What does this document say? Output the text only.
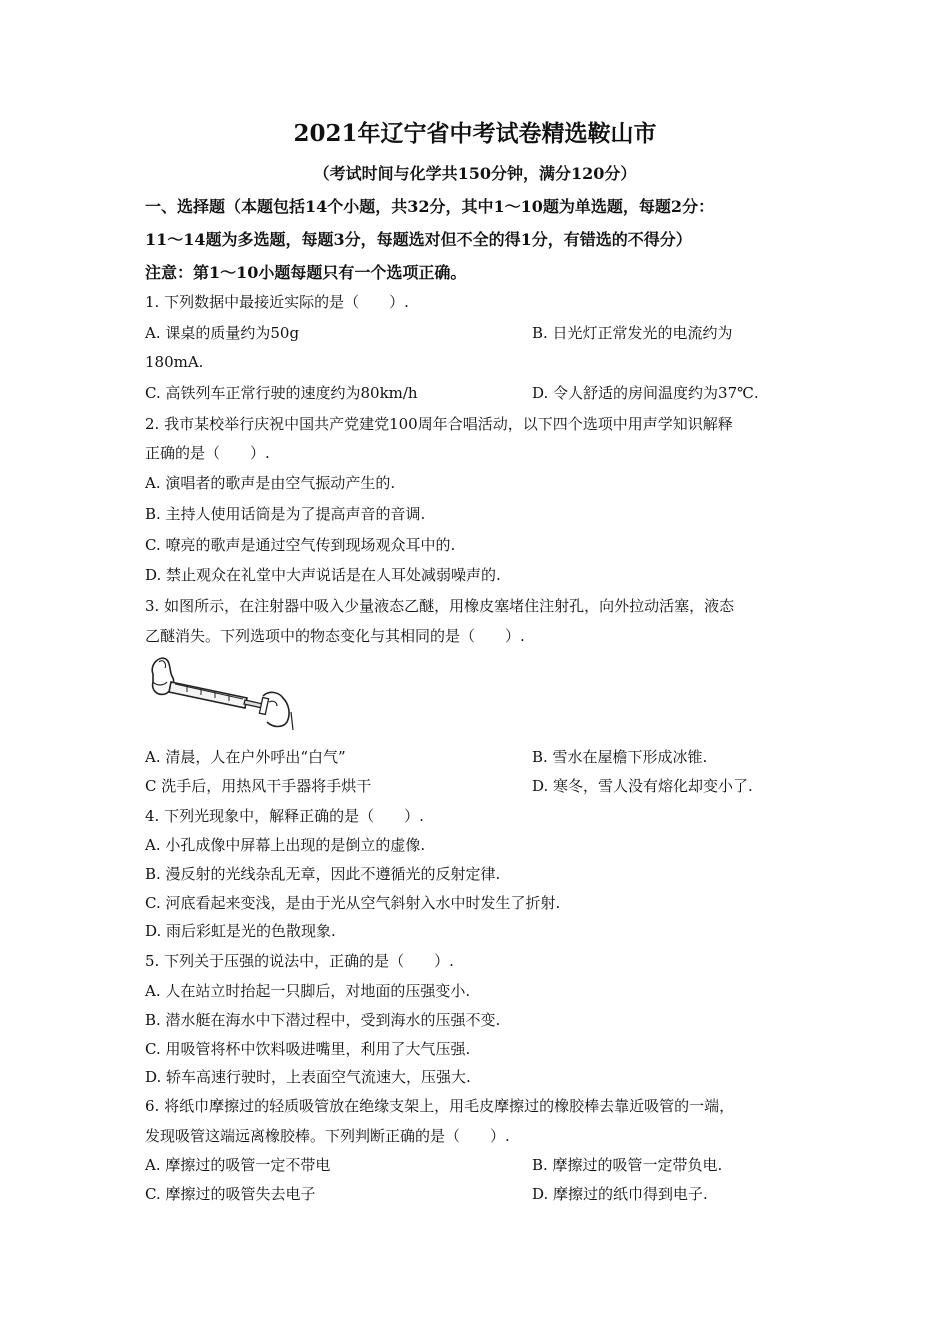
2021年辽宁省中考试卷精选鞍山市
（考试时间与化学共150分钟，满分120分）
一、选择题（本题包括14个小题，共32分，其中1～10题为单选题，每题2分：
11～14题为多选题，每题3分，每题选对但不全的得1分，有错选的不得分）
注意：第1～10小题每题只有一个选项正确。
1. 下列数据中最接近实际的是（　　）.
A. 课桌的质量约为50g	B. 日光灯正常发光的电流约为
180mA.
C. 高铁列车正常行驶的速度约为80km/h	D. 令人舒适的房间温度约为37℃.
2. 我市某校举行庆祝中国共产党建党100周年合唱活动，以下四个选项中用声学知识解释
正确的是（　　）.
A. 演唱者的歌声是由空气振动产生的.
B. 主持人使用话筒是为了提高声音的音调.
C. 嘹亮的歌声是通过空气传到现场观众耳中的.
D. 禁止观众在礼堂中大声说话是在人耳处减弱噪声的.
3. 如图所示，在注射器中吸入少量液态乙醚，用橡皮塞堵住注射孔，向外拉动活塞，液态
乙醚消失。下列选项中的物态变化与其相同的是（　　）.
A. 清晨，人在户外呼出“白气”	B. 雪水在屋檐下形成冰锥.
C 洗手后，用热风干手器将手烘干	D. 寒冬，雪人没有熔化却变小了.
4. 下列光现象中，解释正确的是（　　）.
A. 小孔成像中屏幕上出现的是倒立的虚像.
B. 漫反射的光线杂乱无章，因此不遵循光的反射定律.
C. 河底看起来变浅，是由于光从空气斜射入水中时发生了折射.
D. 雨后彩虹是光的色散现象.
5. 下列关于压强的说法中，正确的是（　　）.
A. 人在站立时抬起一只脚后，对地面的压强变小.
B. 潜水艇在海水中下潜过程中，受到海水的压强不变.
C. 用吸管将杯中饮料吸进嘴里，利用了大气压强.
D. 轿车高速行驶时，上表面空气流速大，压强大.
6. 将纸巾摩擦过的轻质吸管放在绝缘支架上，用毛皮摩擦过的橡胶棒去靠近吸管的一端，
发现吸管这端远离橡胶棒。下列判断正确的是（　　）.
A. 摩擦过的吸管一定不带电	B. 摩擦过的吸管一定带负电.
C. 摩擦过的吸管失去电子	D. 摩擦过的纸巾得到电子.
